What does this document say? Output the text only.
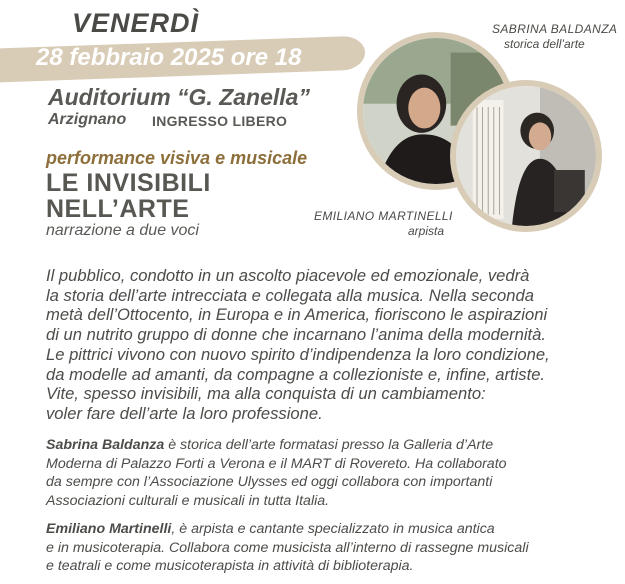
VENERDÌ
28 febbraio 2025 ore 18
Auditorium “G. Zanella”
Arzignano INGRESSO LIBERO
performance visiva e musicale
LE INVISIBILI
NELL’ARTE
narrazione a due voci
SABRINA BALDANZA
storica dell’arte
EMILIANO MARTINELLI
arpista
Il pubblico, condotto in un ascolto piacevole ed emozionale, vedrà
la storia dell’arte intrecciata e collegata alla musica. Nella seconda
metà dell’Ottocento, in Europa e in America, fioriscono le aspirazioni
di un nutrito gruppo di donne che incarnano l’anima della modernità.
Le pittrici vivono con nuovo spirito d’indipendenza la loro condizione,
da modelle ad amanti, da compagne a collezioniste e, infine, artiste.
Vite, spesso invisibili, ma alla conquista di un cambiamento:
voler fare dell’arte la loro professione.
Sabrina Baldanza è storica dell’arte formatasi presso la Galleria d’Arte
Moderna di Palazzo Forti a Verona e il MART di Rovereto. Ha collaborato
da sempre con l’Associazione Ulysses ed oggi collabora con importanti
Associazioni culturali e musicali in tutta Italia.
Emiliano Martinelli, è arpista e cantante specializzato in musica antica
e in musicoterapia. Collabora come musicista all’interno di rassegne musicali
e teatrali e come musicoterapista in attività di biblioterapia.
